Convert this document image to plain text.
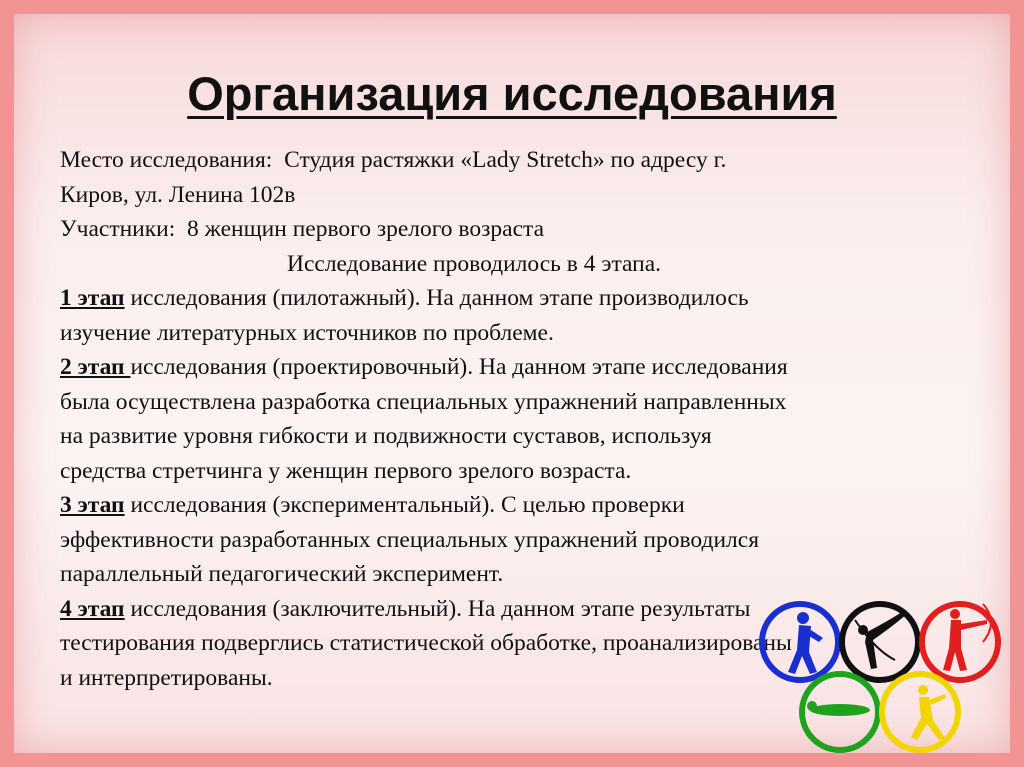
Организация исследования
Место исследования: Студия растяжки «Lady Stretch» по адресу г.
Киров, ул. Ленина 102в
Участники: 8 женщин первого зрелого возраста
Исследование проводилось в 4 этапа.
1 этап исследования (пилотажный). На данном этапе производилось
изучение литературных источников по проблеме.
2 этап исследования (проектировочный). На данном этапе исследования
была осуществлена разработка специальных упражнений направленных
на развитие уровня гибкости и подвижности суставов, используя
средства стретчинга у женщин первого зрелого возраста.
3 этап исследования (экспериментальный). С целью проверки
эффективности разработанных специальных упражнений проводился
параллельный педагогический эксперимент.
4 этап исследования (заключительный). На данном этапе результаты
тестирования подверглись статистической обработке, проанализированы
и интерпретированы.
